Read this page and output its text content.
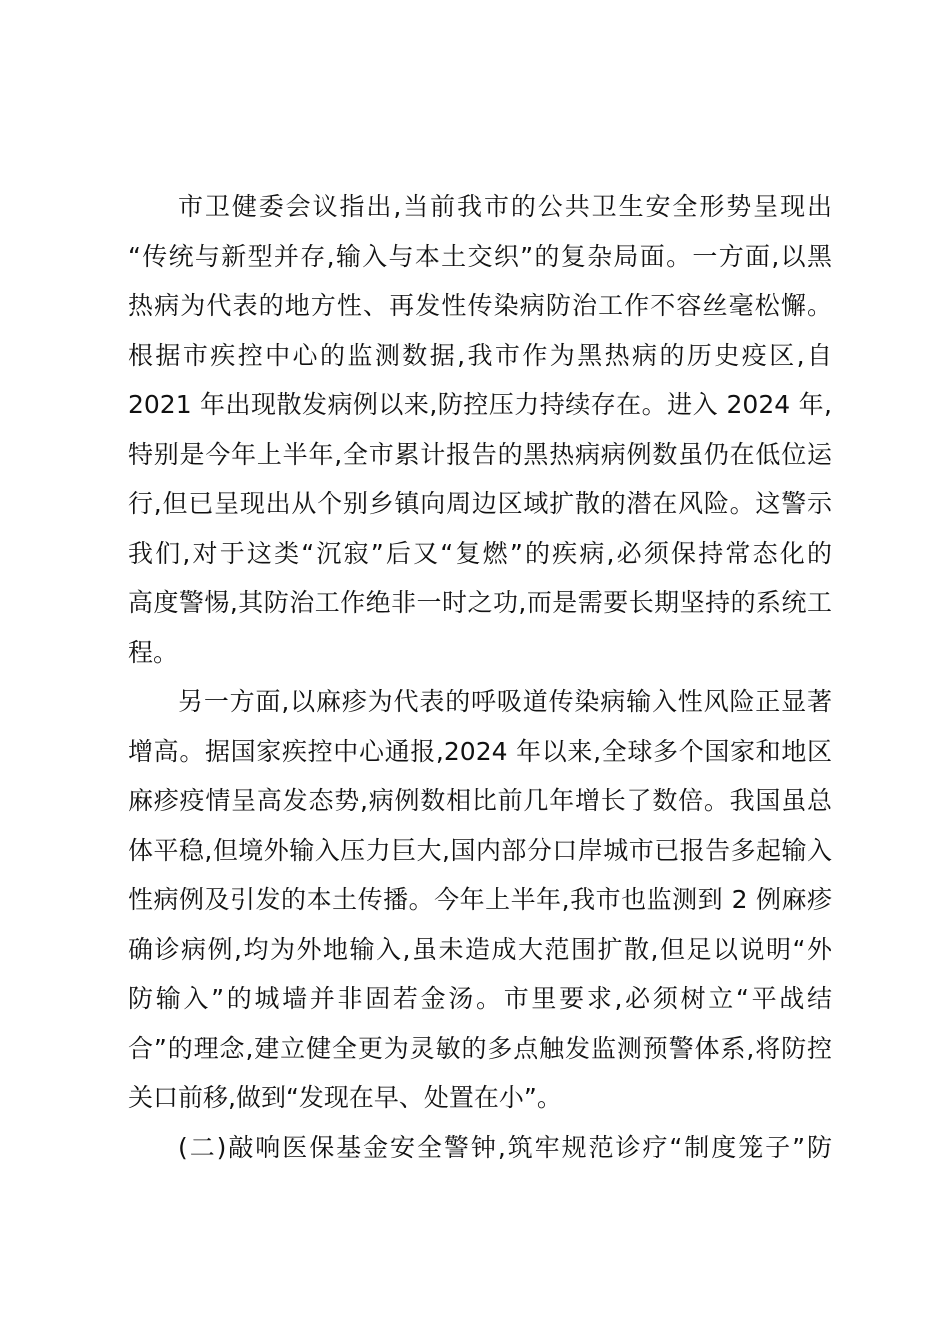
市卫健委会议指出,当前我市的公共卫生安全形势呈现出
“传统与新型并存,输入与本土交织”的复杂局面。一方面,以黑
热病为代表的地方性、再发性传染病防治工作不容丝毫松懈。
根据市疾控中心的监测数据,我市作为黑热病的历史疫区,自
2021 年出现散发病例以来,防控压力持续存在。进入 2024 年,
特别是今年上半年,全市累计报告的黑热病病例数虽仍在低位运
行,但已呈现出从个别乡镇向周边区域扩散的潜在风险。这警示
我们,对于这类“沉寂”后又“复燃”的疾病,必须保持常态化的
高度警惕,其防治工作绝非一时之功,而是需要长期坚持的系统工
程。
另一方面,以麻疹为代表的呼吸道传染病输入性风险正显著
增高。据国家疾控中心通报,2024 年以来,全球多个国家和地区
麻疹疫情呈高发态势,病例数相比前几年增长了数倍。我国虽总
体平稳,但境外输入压力巨大,国内部分口岸城市已报告多起输入
性病例及引发的本土传播。今年上半年,我市也监测到 2 例麻疹
确诊病例,均为外地输入,虽未造成大范围扩散,但足以说明“外
防输入”的城墙并非固若金汤。市里要求,必须树立“平战结
合”的理念,建立健全更为灵敏的多点触发监测预警体系,将防控
关口前移,做到“发现在早、处置在小”。
(二)敲响医保基金安全警钟,筑牢规范诊疗“制度笼子”防
